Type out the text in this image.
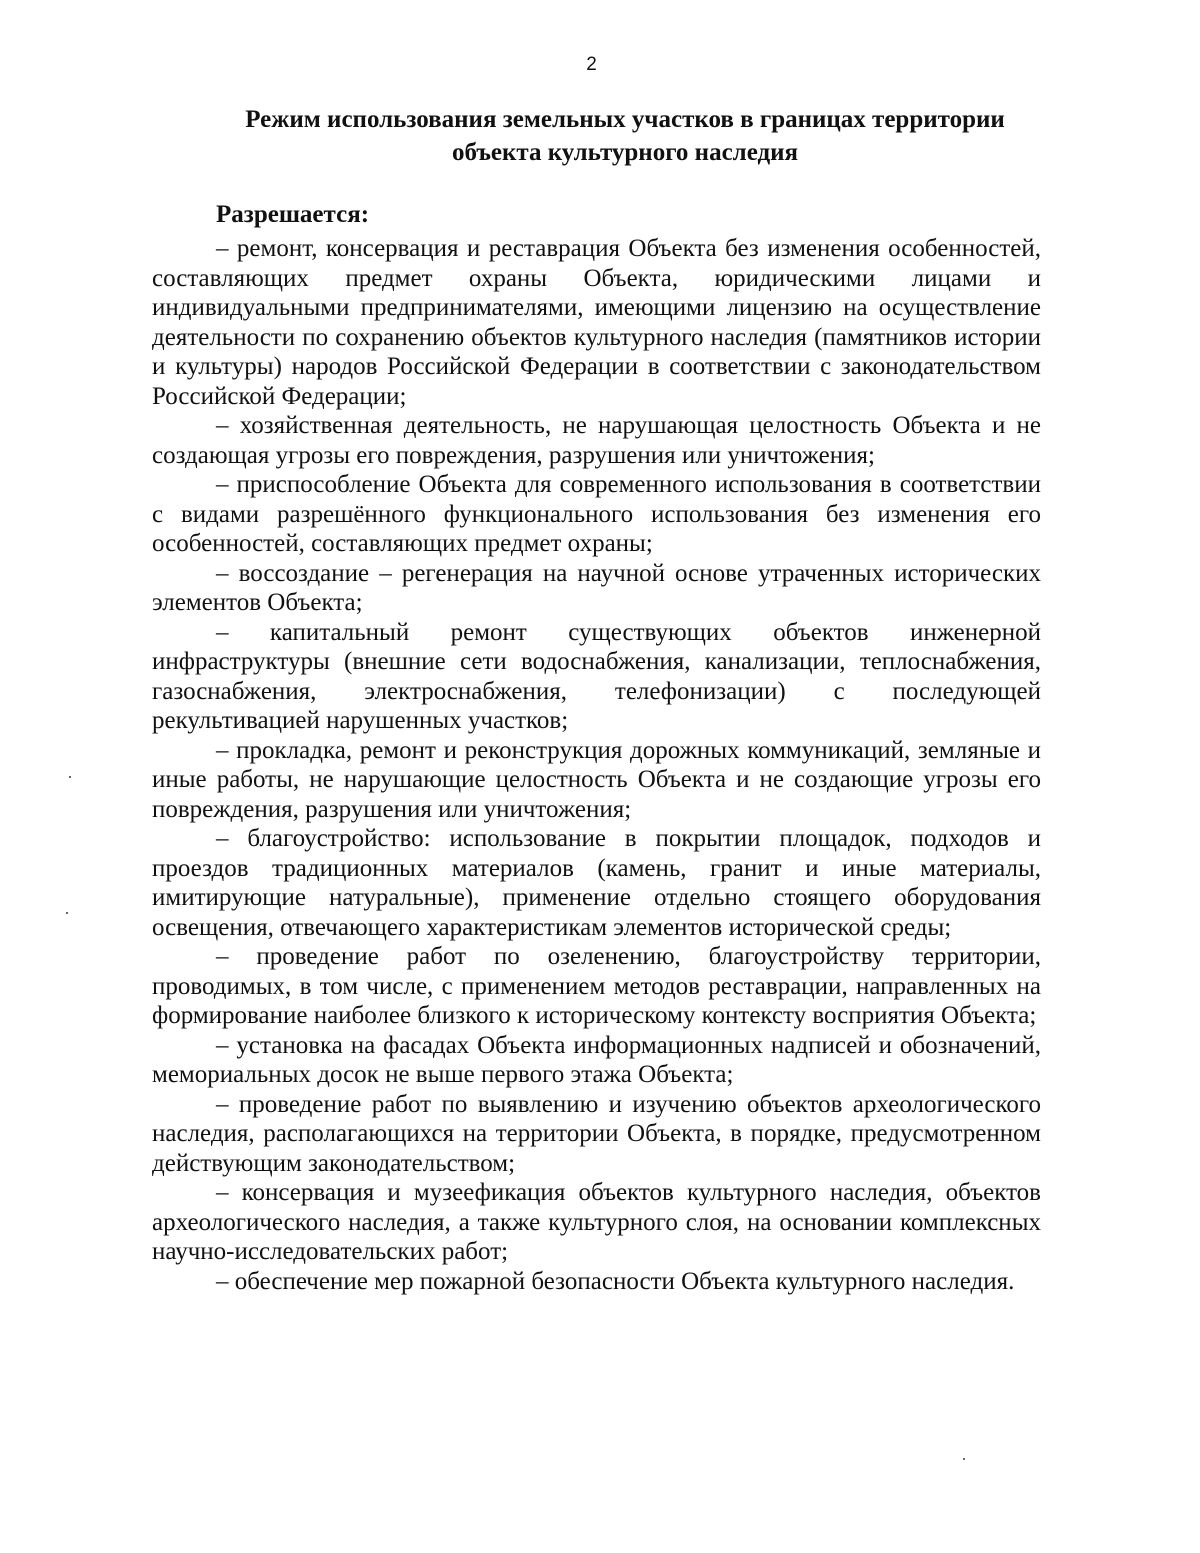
2
Режим использования земельных участков в границах территории
объекта культурного наследия
Разрешается:

– ремонт, консервация и реставрация Объекта без изменения особенностей, составляющих предмет охраны Объекта, юридическими лицами и индивидуальными предпринимателями, имеющими лицензию на осуществление деятельности по сохранению объектов культурного наследия (памятников истории и культуры) народов Российской Федерации в соответствии с законодательством Российской Федерации;

– хозяйственная деятельность, не нарушающая целостность Объекта и не создающая угрозы его повреждения, разрушения или уничтожения;

– приспособление Объекта для современного использования в соответствии с видами разрешённого функционального использования без изменения его особенностей, составляющих предмет охраны;

– воссоздание – регенерация на научной основе утраченных исторических элементов Объекта;

– капитальный ремонт существующих объектов инженерной инфраструктуры (внешние сети водоснабжения, канализации, теплоснабжения, газоснабжения, электроснабжения, телефонизации) с последующей рекультивацией нарушенных участков;

– прокладка, ремонт и реконструкция дорожных коммуникаций, земляные и иные работы, не нарушающие целостность Объекта и не создающие угрозы его повреждения, разрушения или уничтожения;

– благоустройство: использование в покрытии площадок, подходов и проездов традиционных материалов (камень, гранит и иные материалы, имитирующие натуральные), применение отдельно стоящего оборудования освещения, отвечающего характеристикам элементов исторической среды;

– проведение работ по озеленению, благоустройству территории, проводимых, в том числе, с применением методов реставрации, направленных на формирование наиболее близкого к историческому контексту восприятия Объекта;

– установка на фасадах Объекта информационных надписей и обозначений, мемориальных досок не выше первого этажа Объекта;

– проведение работ по выявлению и изучению объектов археологического наследия, располагающихся на территории Объекта, в порядке, предусмотренном действующим законодательством;

– консервация и музеефикация объектов культурного наследия, объектов археологического наследия, а также культурного слоя, на основании комплексных научно-исследовательских работ;

– обеспечение мер пожарной безопасности Объекта культурного наследия.
